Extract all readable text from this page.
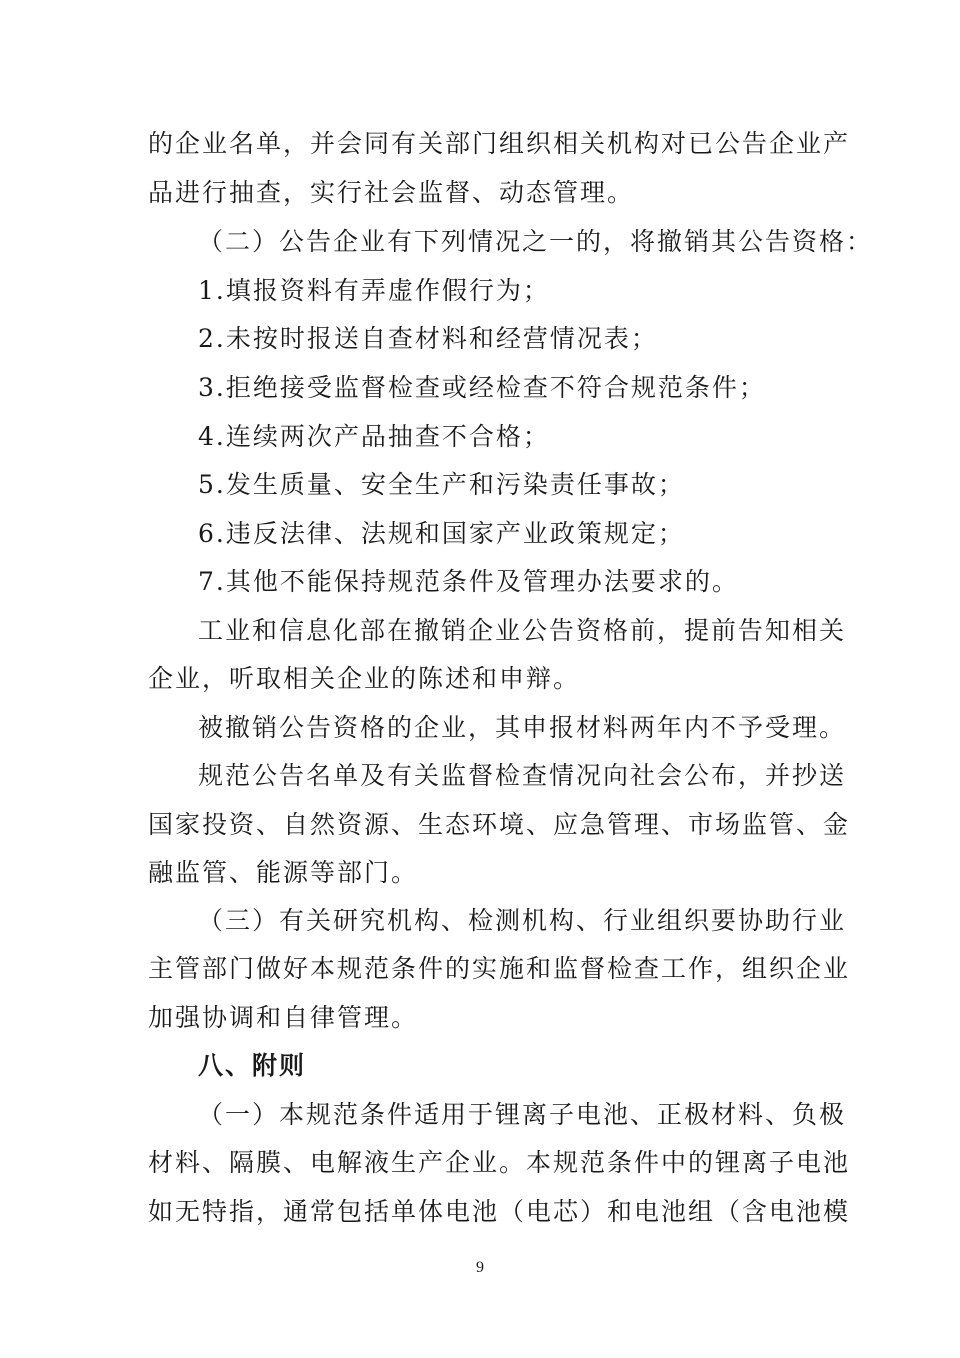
的企业名单，并会同有关部门组织相关机构对已公告企业产
品进行抽查，实行社会监督、动态管理。
（二）公告企业有下列情况之一的，将撤销其公告资格：
1.填报资料有弄虚作假行为；
2.未按时报送自查材料和经营情况表；
3.拒绝接受监督检查或经检查不符合规范条件；
4.连续两次产品抽查不合格；
5.发生质量、安全生产和污染责任事故；
6.违反法律、法规和国家产业政策规定；
7.其他不能保持规范条件及管理办法要求的。
工业和信息化部在撤销企业公告资格前，提前告知相关
企业，听取相关企业的陈述和申辩。
被撤销公告资格的企业，其申报材料两年内不予受理。
规范公告名单及有关监督检查情况向社会公布，并抄送
国家投资、自然资源、生态环境、应急管理、市场监管、金
融监管、能源等部门。
（三）有关研究机构、检测机构、行业组织要协助行业
主管部门做好本规范条件的实施和监督检查工作，组织企业
加强协调和自律管理。
八、附则
（一）本规范条件适用于锂离子电池、正极材料、负极
材料、隔膜、电解液生产企业。本规范条件中的锂离子电池
如无特指，通常包括单体电池（电芯）和电池组（含电池模
9
